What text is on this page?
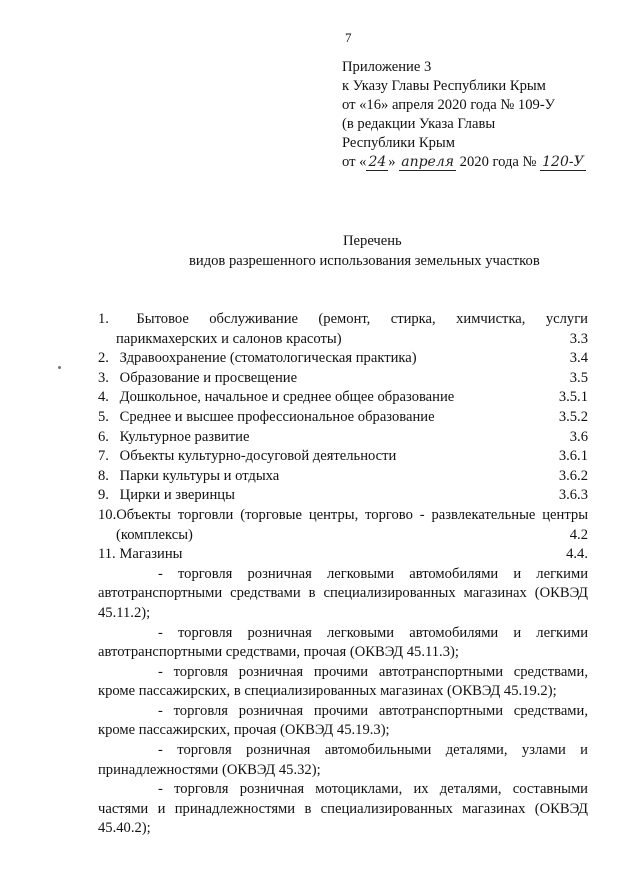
7
Приложение 3
к Указу Главы Республики Крым
от «16» апреля 2020 года № 109-У
(в редакции Указа Главы
Республики Крым
от « 24 » апреля 2020 года № 120-У
Перечень
видов разрешенного использования земельных участков
1. Бытовое обслуживание (ремонт, стирка, химчистка, услуги
парикмахерских и салонов красоты)	3.3
2. Здравоохранение (стоматологическая практика)	3.4
3. Образование и просвещение	3.5
4. Дошкольное, начальное и среднее общее образование	3.5.1
5. Среднее и высшее профессиональное образование	3.5.2
6. Культурное развитие	3.6
7. Объекты культурно-досуговой деятельности	3.6.1
8. Парки культуры и отдыха	3.6.2
9. Цирки и зверинцы	3.6.3
10.Объекты торговли (торговые центры, торгово - развлекательные центры
(комплексы)	4.2
11. Магазины	4.4.
- торговля розничная легковыми автомобилями и легкими автотранспортными средствами в специализированных магазинах (ОКВЭД 45.11.2);
- торговля розничная легковыми автомобилями и легкими автотранспортными средствами, прочая (ОКВЭД 45.11.3);
- торговля розничная прочими автотранспортными средствами, кроме пассажирских, в специализированных магазинах (ОКВЭД 45.19.2);
- торговля розничная прочими автотранспортными средствами, кроме пассажирских, прочая (ОКВЭД 45.19.3);
- торговля розничная автомобильными деталями, узлами и принадлежностями (ОКВЭД 45.32);
- торговля розничная мотоциклами, их деталями, составными частями и принадлежностями в специализированных магазинах (ОКВЭД 45.40.2);
